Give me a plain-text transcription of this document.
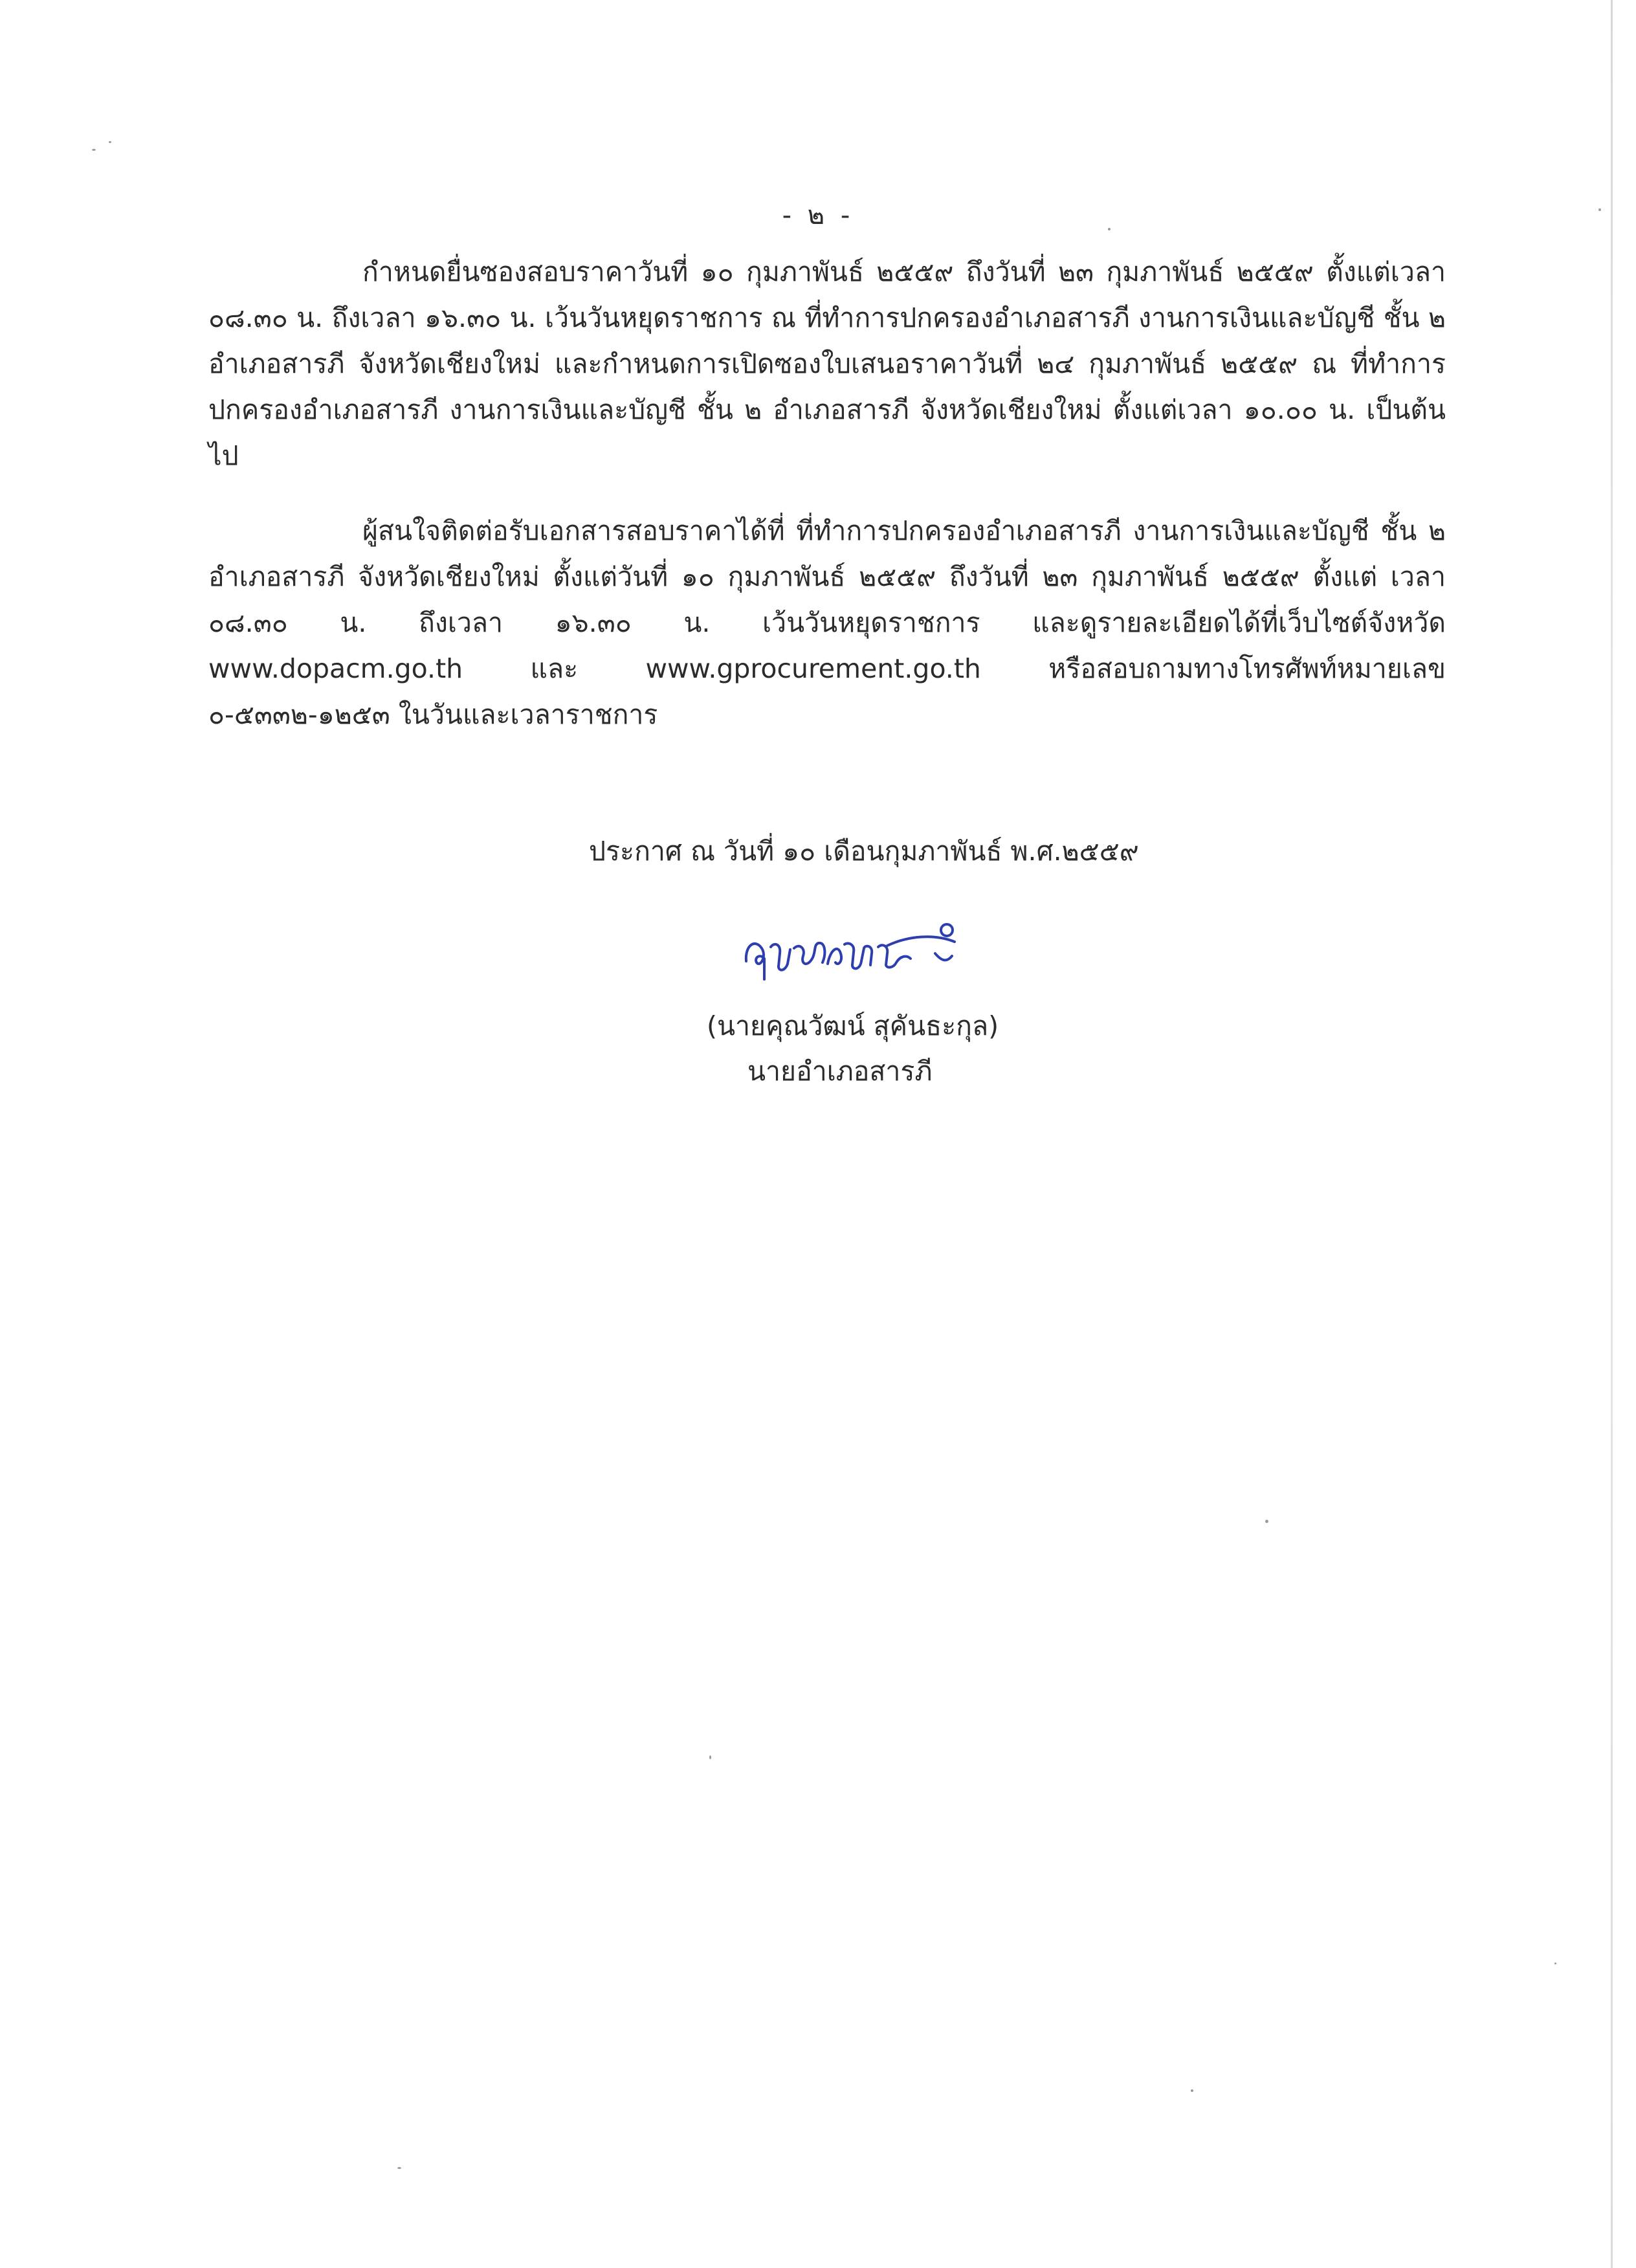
- ๒ -

กำหนดยื่นซองสอบราคาวันที่ ๑๐ กุมภาพันธ์ ๒๕๕๙ ถึงวันที่ ๒๓ กุมภาพันธ์ ๒๕๕๙ ตั้งแต่เวลา ๐๘.๓๐ น. ถึงเวลา ๑๖.๓๐ น. เว้นวันหยุดราชการ ณ ที่ทำการปกครองอำเภอสารภี งานการเงินและบัญชี ชั้น ๒ อำเภอสารภี จังหวัดเชียงใหม่ และกำหนดการเปิดซองใบเสนอราคาวันที่ ๒๔ กุมภาพันธ์ ๒๕๕๙ ณ ที่ทำการปกครองอำเภอสารภี งานการเงินและบัญชี ชั้น ๒ อำเภอสารภี จังหวัดเชียงใหม่ ตั้งแต่เวลา ๑๐.๐๐ น. เป็นต้นไป

ผู้สนใจติดต่อรับเอกสารสอบราคาได้ที่ ที่ทำการปกครองอำเภอสารภี งานการเงินและบัญชี ชั้น ๒ อำเภอสารภี จังหวัดเชียงใหม่ ตั้งแต่วันที่ ๑๐ กุมภาพันธ์ ๒๕๕๙ ถึงวันที่ ๒๓ กุมภาพันธ์ ๒๕๕๙ ตั้งแต่ เวลา ๐๘.๓๐ น. ถึงเวลา ๑๖.๓๐ น. เว้นวันหยุดราชการ และดูรายละเอียดได้ที่เว็บไซต์จังหวัด www.dopacm.go.th และ www.gprocurement.go.th หรือสอบถามทางโทรศัพท์หมายเลข ๐-๕๓๓๒-๑๒๕๓ ในวันและเวลาราชการ

ประกาศ ณ วันที่ ๑๐ เดือนกุมภาพันธ์ พ.ศ.๒๕๕๙
(นายคุณวัฒน์ สุคันธะกุล)
นายอำเภอสารภี
